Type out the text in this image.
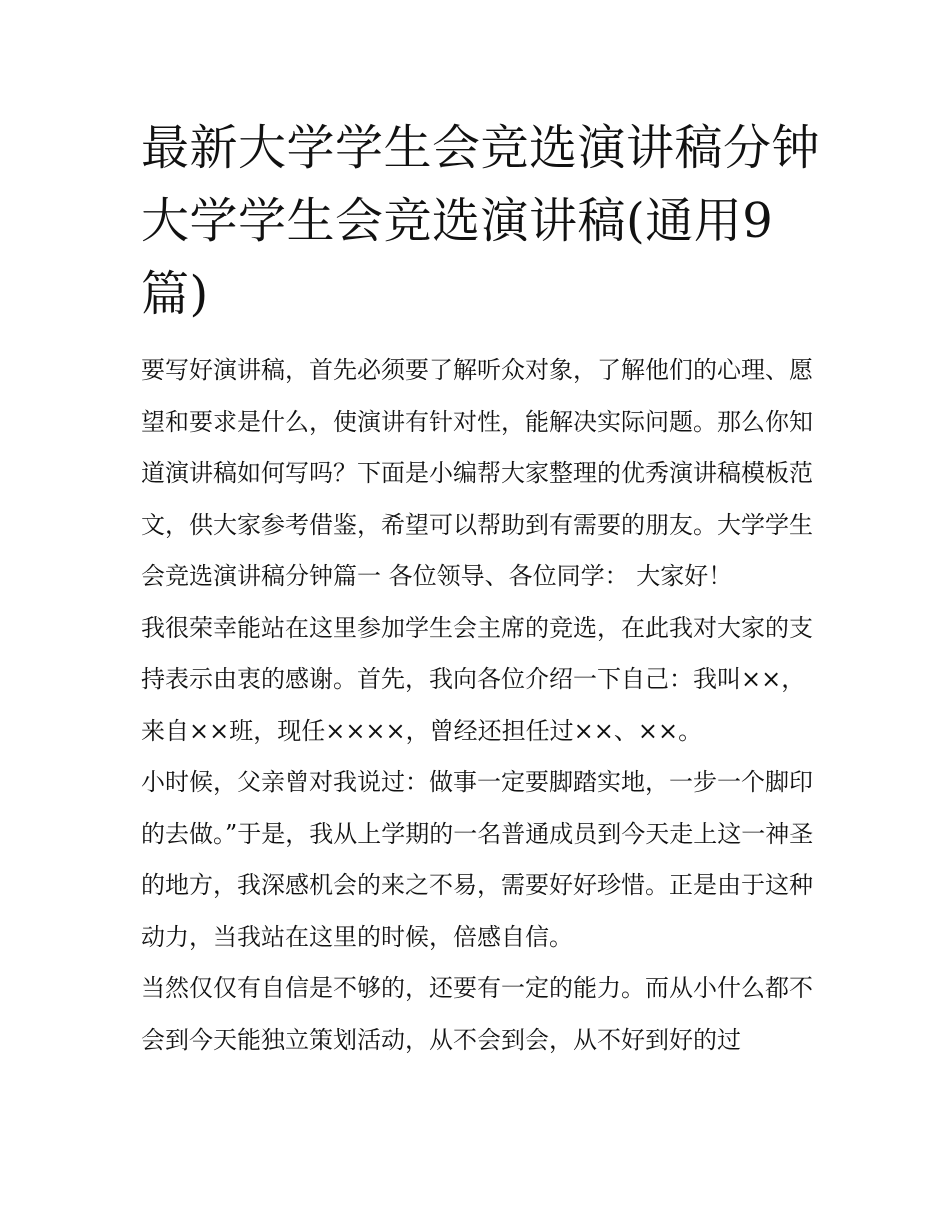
最新大学学生会竞选演讲稿分钟 大学学生会竞选演讲稿(通用9篇)

要写好演讲稿，首先必须要了解听众对象，了解他们的心理、愿望和要求是什么，使演讲有针对性，能解决实际问题。那么你知道演讲稿如何写吗？下面是小编帮大家整理的优秀演讲稿模板范文，供大家参考借鉴，希望可以帮助到有需要的朋友。大学学生会竞选演讲稿分钟篇一 各位领导、各位同学： 大家好！

我很荣幸能站在这里参加学生会主席的竞选，在此我对大家的支持表示由衷的感谢。首先，我向各位介绍一下自己：我叫××，来自××班，现任××××，曾经还担任过××、××。

小时候，父亲曾对我说过：做事一定要脚踏实地，一步一个脚印的去做。”于是，我从上学期的一名普通成员到今天走上这一神圣的地方，我深感机会的来之不易，需要好好珍惜。正是由于这种动力，当我站在这里的时候，倍感自信。

当然仅仅有自信是不够的，还要有一定的能力。而从小什么都不会到今天能独立策划活动，从不会到会，从不好到好的过
